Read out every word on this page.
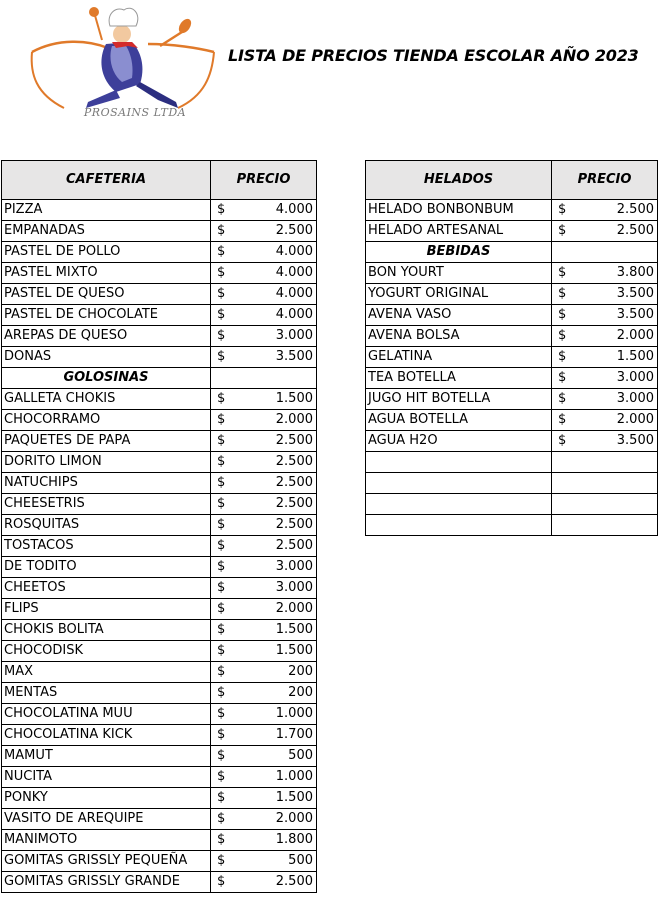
PROSAINS LTDA
LISTA DE PRECIOS TIENDA ESCOLAR AÑO 2023
CAFETERIA	PRECIO
PIZZA	$ 4.000

EMPANADAS	$ 2.500

PASTEL DE POLLO	$ 4.000

PASTEL MIXTO	$ 4.000

PASTEL DE QUESO	$ 4.000

PASTEL DE CHOCOLATE	$ 4.000

AREPAS DE QUESO	$ 3.000

DONAS	$ 3.500

GOLOSINAS	
GALLETA CHOKIS	$ 1.500

CHOCORRAMO	$ 2.000

PAQUETES DE PAPA	$ 2.500

DORITO LIMON	$ 2.500

NATUCHIPS	$ 2.500

CHEESETRIS	$ 2.500

ROSQUITAS	$ 2.500

TOSTACOS	$ 2.500

DE TODITO	$ 3.000

CHEETOS	$ 3.000

FLIPS	$ 2.000

CHOKIS BOLITA	$ 1.500

CHOCODISK	$ 1.500

MAX	$ 200

MENTAS	$ 200

CHOCOLATINA MUU	$ 1.000

CHOCOLATINA KICK	$ 1.700

MAMUT	$ 500

NUCITA	$ 1.000

PONKY	$ 1.500

VASITO DE AREQUIPE	$ 2.000

MANIMOTO	$ 1.800

GOMITAS GRISSLY PEQUEÑA	$ 500

GOMITAS GRISSLY GRANDE	$ 2.500
HELADOS	PRECIO
HELADO BONBONBUM	$ 2.500

HELADO ARTESANAL	$ 2.500

BEBIDAS	
BON YOURT	$ 3.800

YOGURT ORIGINAL	$ 3.500

AVENA VASO	$ 3.500

AVENA BOLSA	$ 2.000

GELATINA	$ 1.500

TEA BOTELLA	$ 3.000

JUGO HIT BOTELLA	$ 3.000

AGUA BOTELLA	$ 2.000

AGUA H2O	$ 3.500
